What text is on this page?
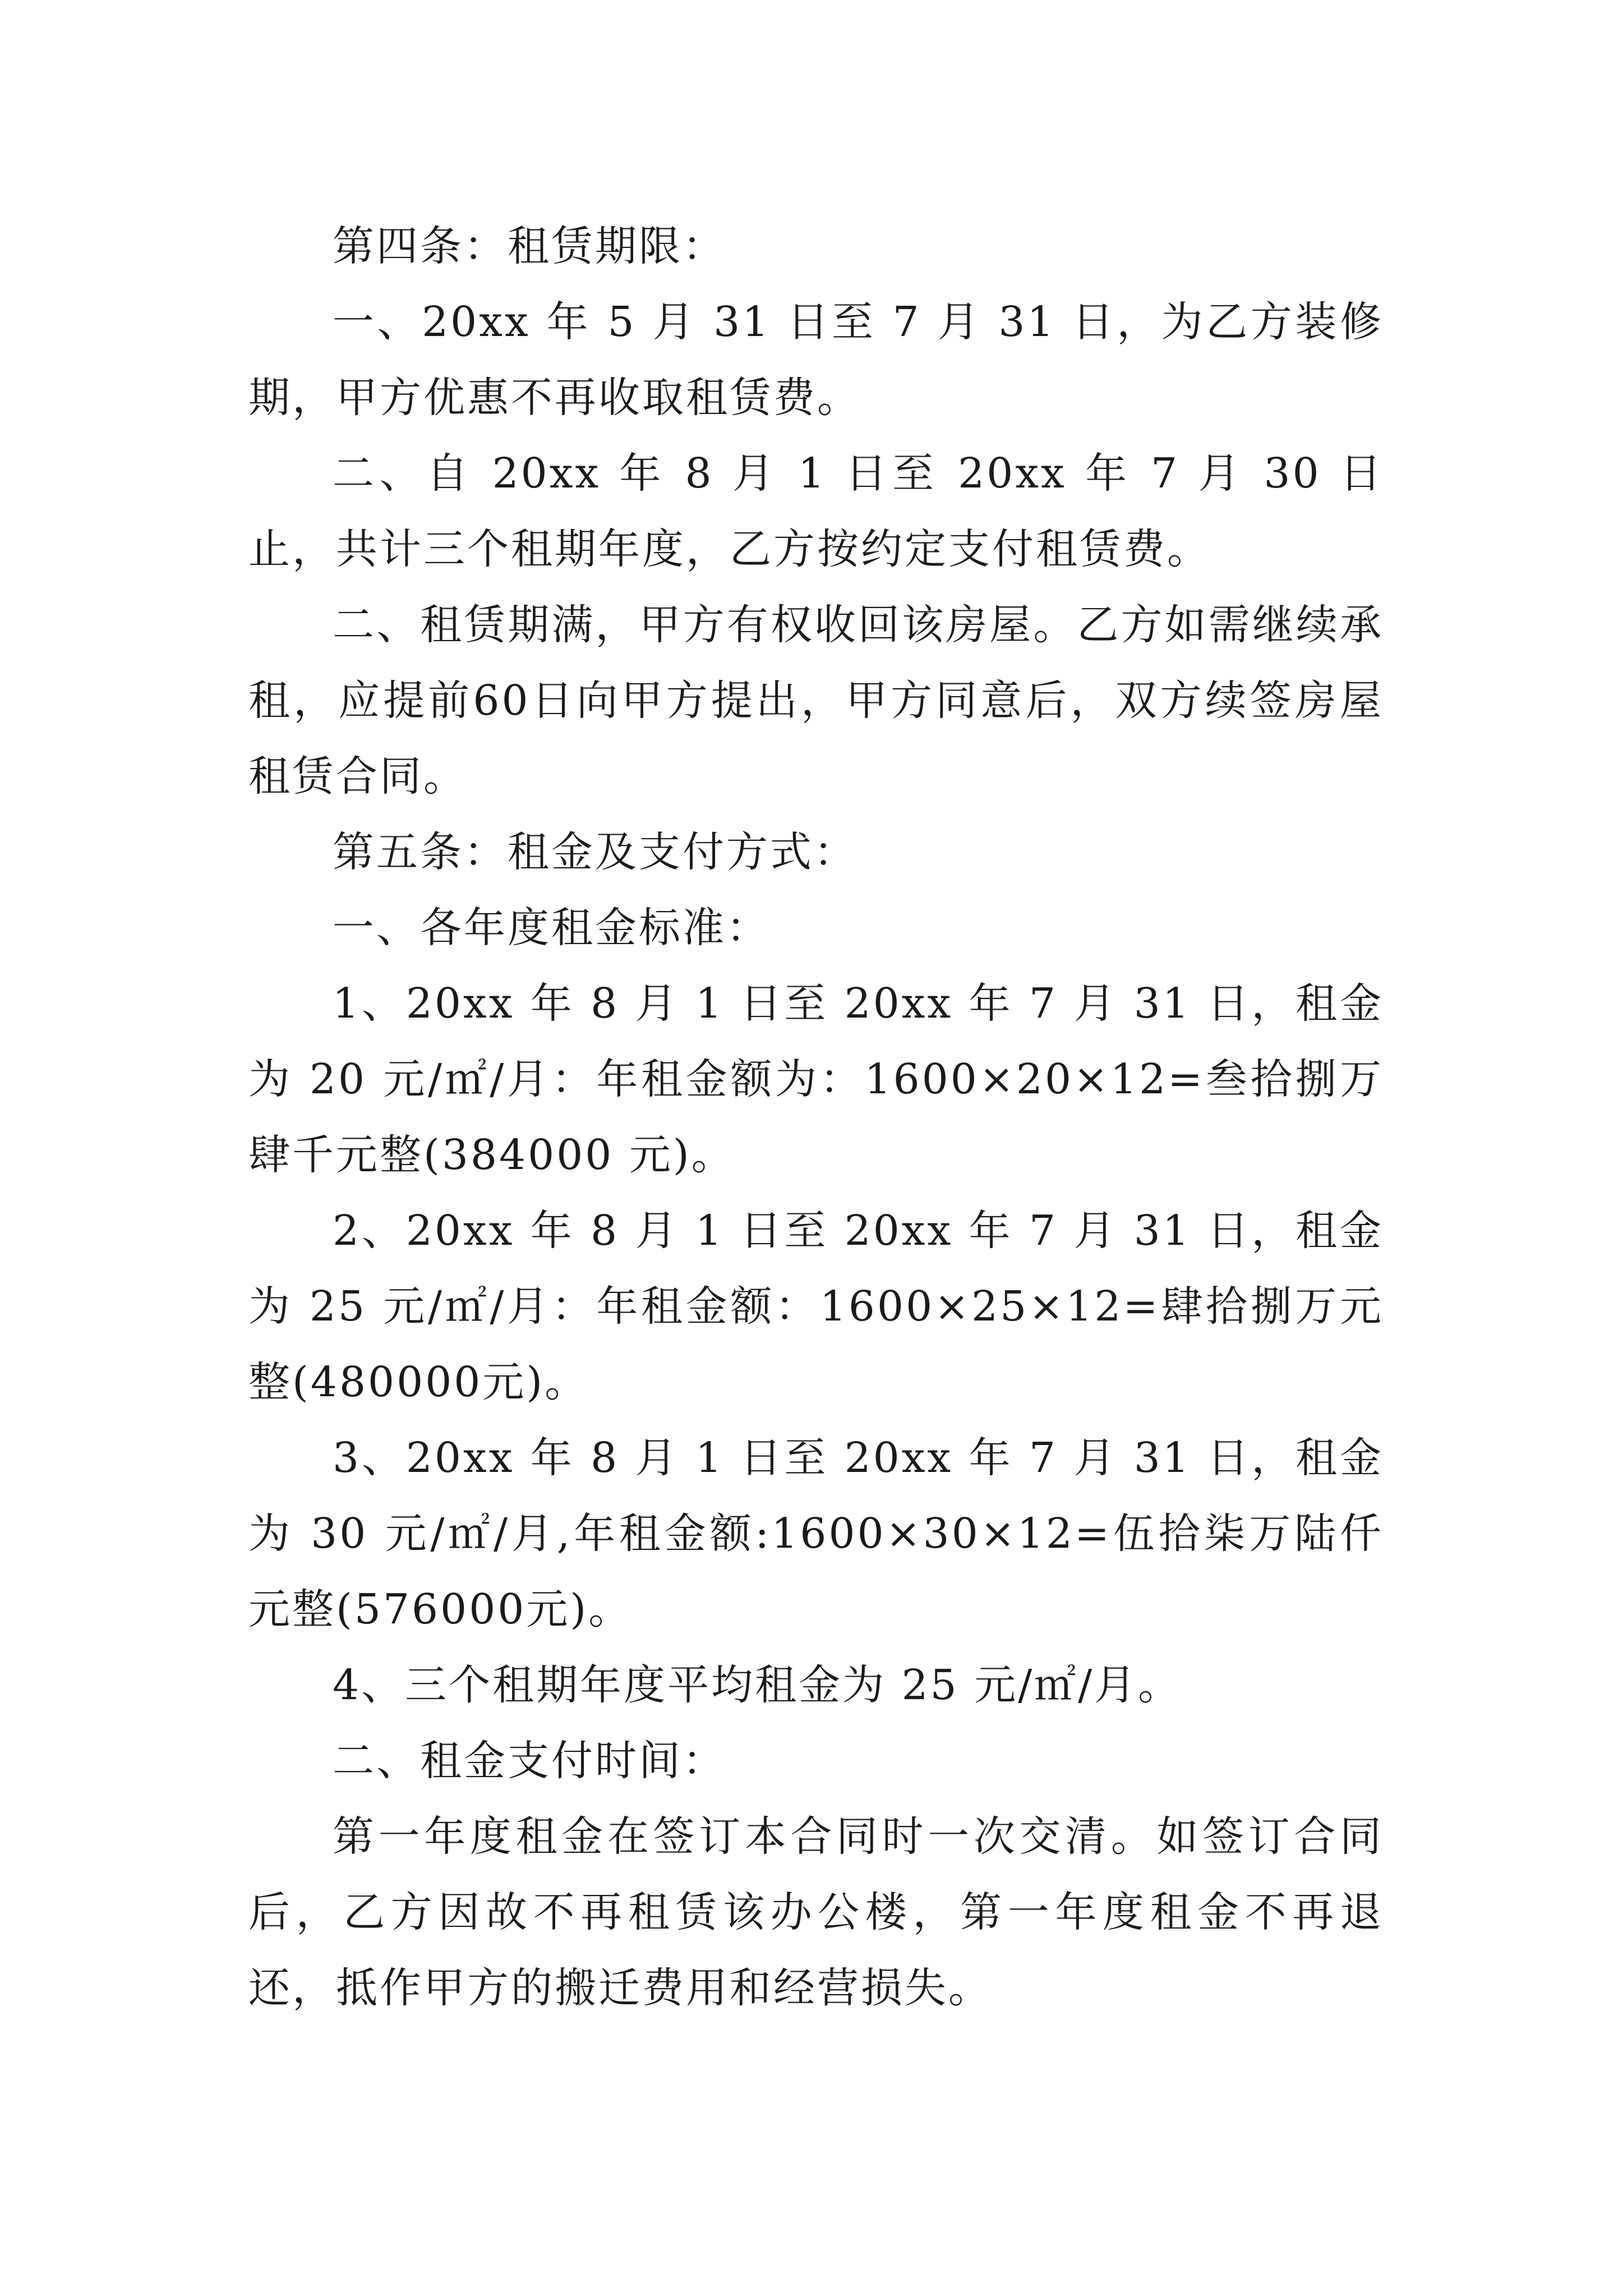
第四条：租赁期限：

一、20xx 年 5 月 31 日至 7 月 31 日，为乙方装修期，甲方优惠不再收取租赁费。

二、自 20xx 年 8 月 1 日至 20xx 年 7 月 30 日止，共计三个租期年度，乙方按约定支付租赁费。

二、租赁期满，甲方有权收回该房屋。乙方如需继续承租，应提前60日向甲方提出，甲方同意后，双方续签房屋租赁合同。

第五条：租金及支付方式：

一、各年度租金标准：

1、20xx 年 8 月 1 日至 20xx 年 7 月 31 日，租金为 20 元/㎡/月：年租金额为：1600×20×12=叁拾捌万肆千元整(384000 元)。

2、20xx 年 8 月 1 日至 20xx 年 7 月 31 日，租金为 25 元/㎡/月：年租金额：1600×25×12=肆拾捌万元整(480000元)。

3、20xx 年 8 月 1 日至 20xx 年 7 月 31 日，租金为 30 元/㎡/月,年租金额:1600×30×12=伍拾柒万陆仟元整(576000元)。

4、三个租期年度平均租金为 25 元/㎡/月。

二、租金支付时间：

第一年度租金在签订本合同时一次交清。如签订合同后，乙方因故不再租赁该办公楼，第一年度租金不再退还，抵作甲方的搬迁费用和经营损失。
